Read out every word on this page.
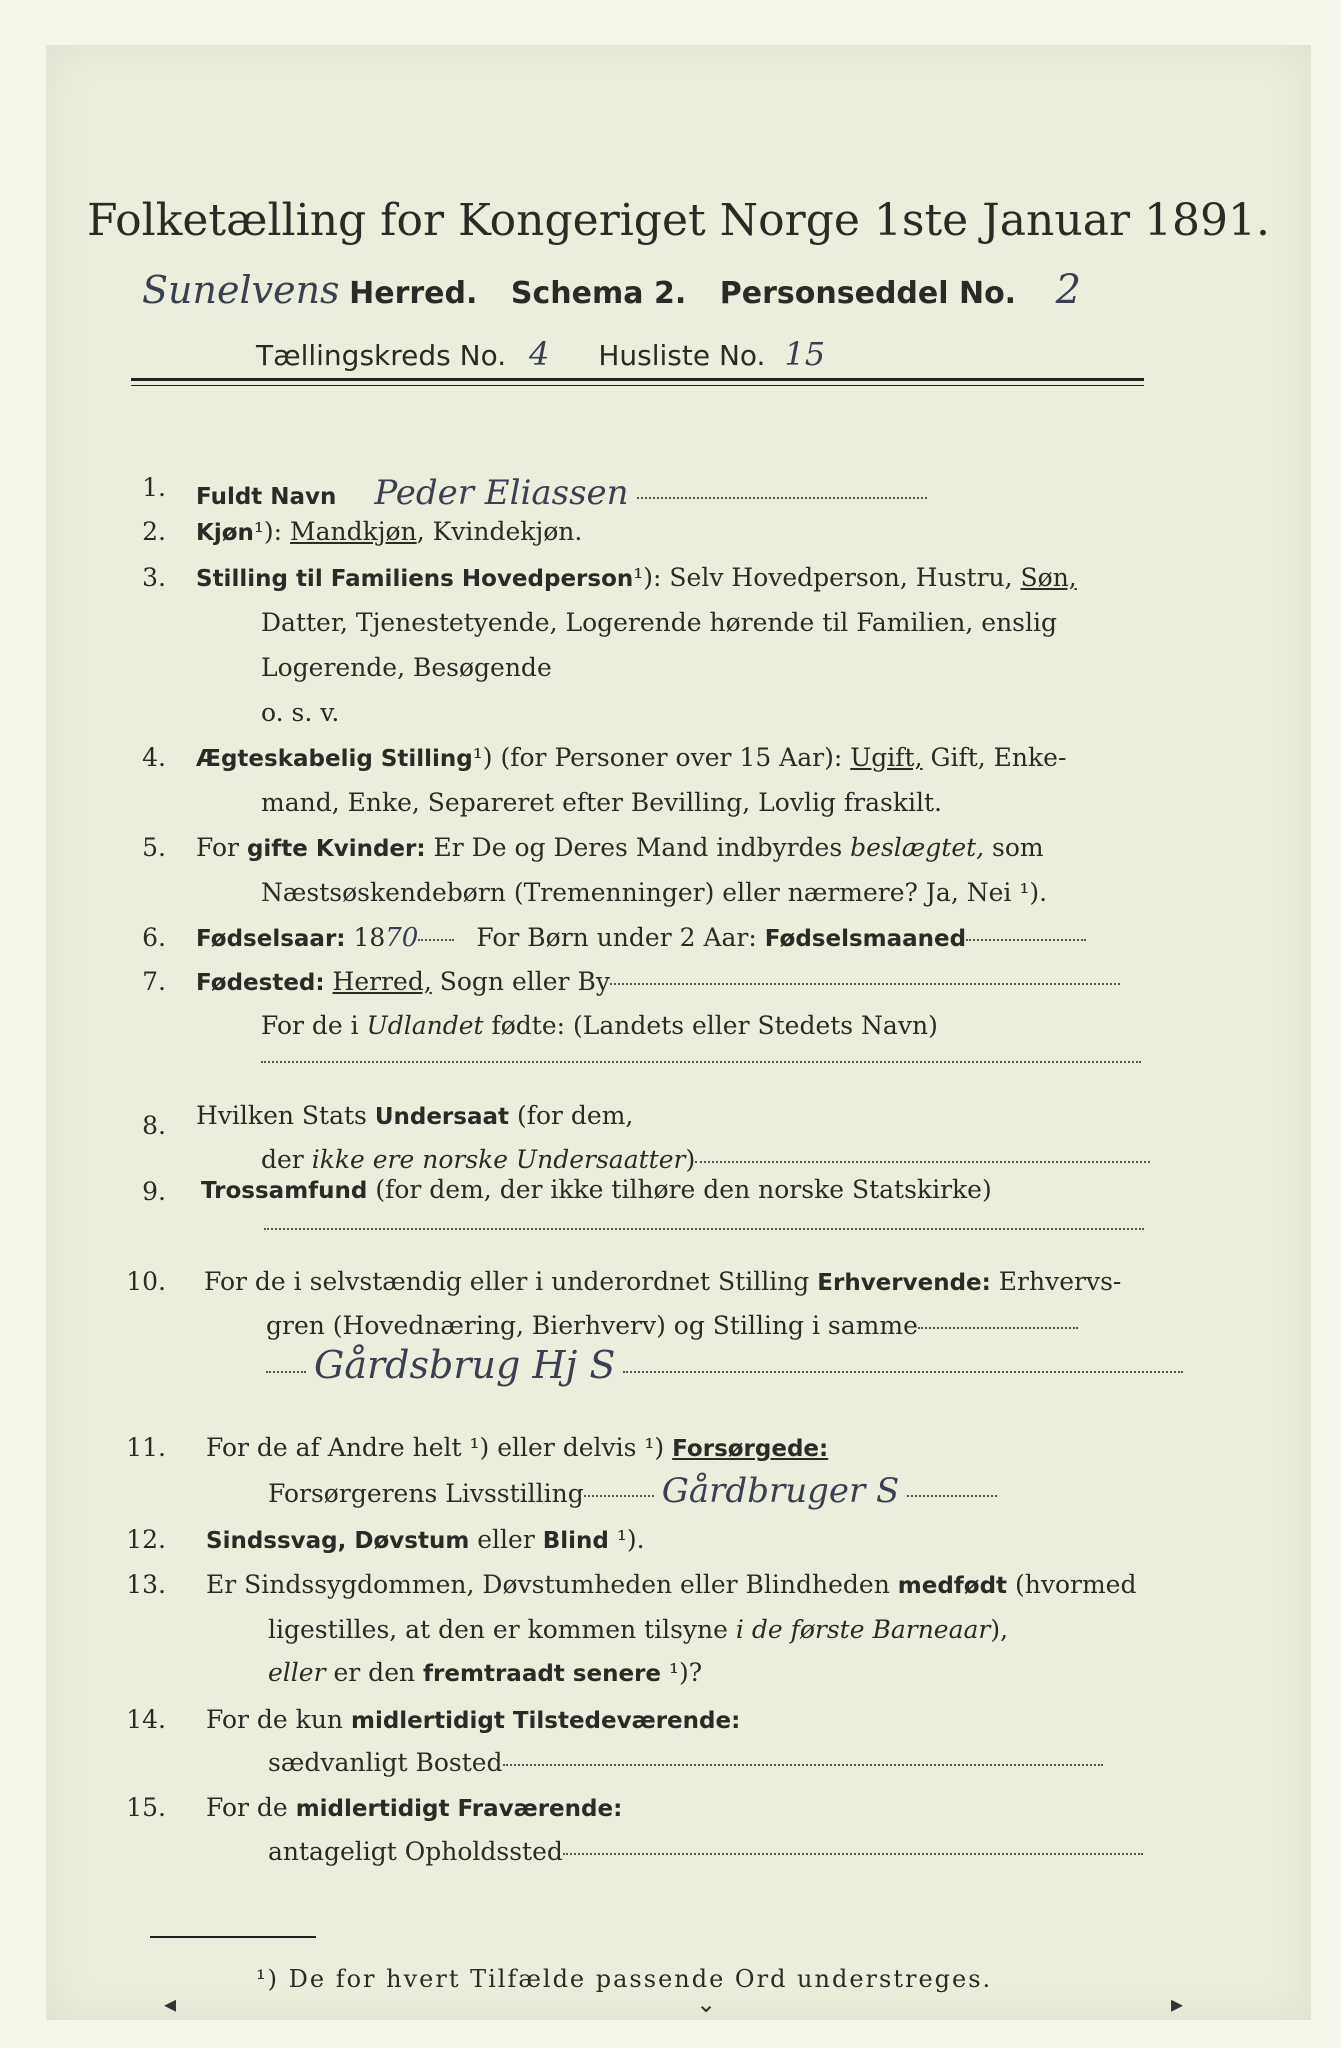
Folketælling for Kongeriget Norge 1ste Januar 1891.
Sunelvens Herred. Schema 2. Personseddel No. 2
Tællingskreds No. 4 Husliste No. 15
1. Fuldt Navn Peder Eliassen
2. Kjøn¹): Mandkjøn, Kvindekjøn.
3. Stilling til Familiens Hovedperson¹): Selv Hovedperson, Hustru, Søn,
Datter, Tjenestetyende, Logerende hørende til Familien, enslig
Logerende, Besøgende
o. s. v.
4. Ægteskabelig Stilling¹) (for Personer over 15 Aar): Ugift, Gift, Enke-
mand, Enke, Separeret efter Bevilling, Lovlig fraskilt.
5. For gifte Kvinder: Er De og Deres Mand indbyrdes beslægtet, som
Næstsøskendebørn (Tremenninger) eller nærmere? Ja, Nei ¹).
6. Fødselsaar: 1870 For Børn under 2 Aar: Fødselsmaaned
7. Fødested: Herred, Sogn eller By
For de i Udlandet fødte: (Landets eller Stedets Navn)
8. Hvilken Stats Undersaat (for dem,
der ikke ere norske Undersaatter)
9. Trossamfund (for dem, der ikke tilhøre den norske Statskirke)
10. For de i selvstændig eller i underordnet Stilling Erhvervende: Erhvervs-
gren (Hovednæring, Bierhverv) og Stilling i samme
Gårdsbrug Hj S
11. For de af Andre helt ¹) eller delvis ¹) Forsørgede:
Forsørgerens Livsstilling Gårdbruger S
12. Sindssvag, Døvstum eller Blind ¹).
13. Er Sindssygdommen, Døvstumheden eller Blindheden medfødt (hvormed
ligestilles, at den er kommen tilsyne i de første Barneaar),
eller er den fremtraadt senere ¹)?
14. For de kun midlertidigt Tilstedeværende:
sædvanligt Bosted
15. For de midlertidigt Fraværende:
antageligt Opholdssted
¹) De for hvert Tilfælde passende Ord understreges.
◂	⌄	▸
